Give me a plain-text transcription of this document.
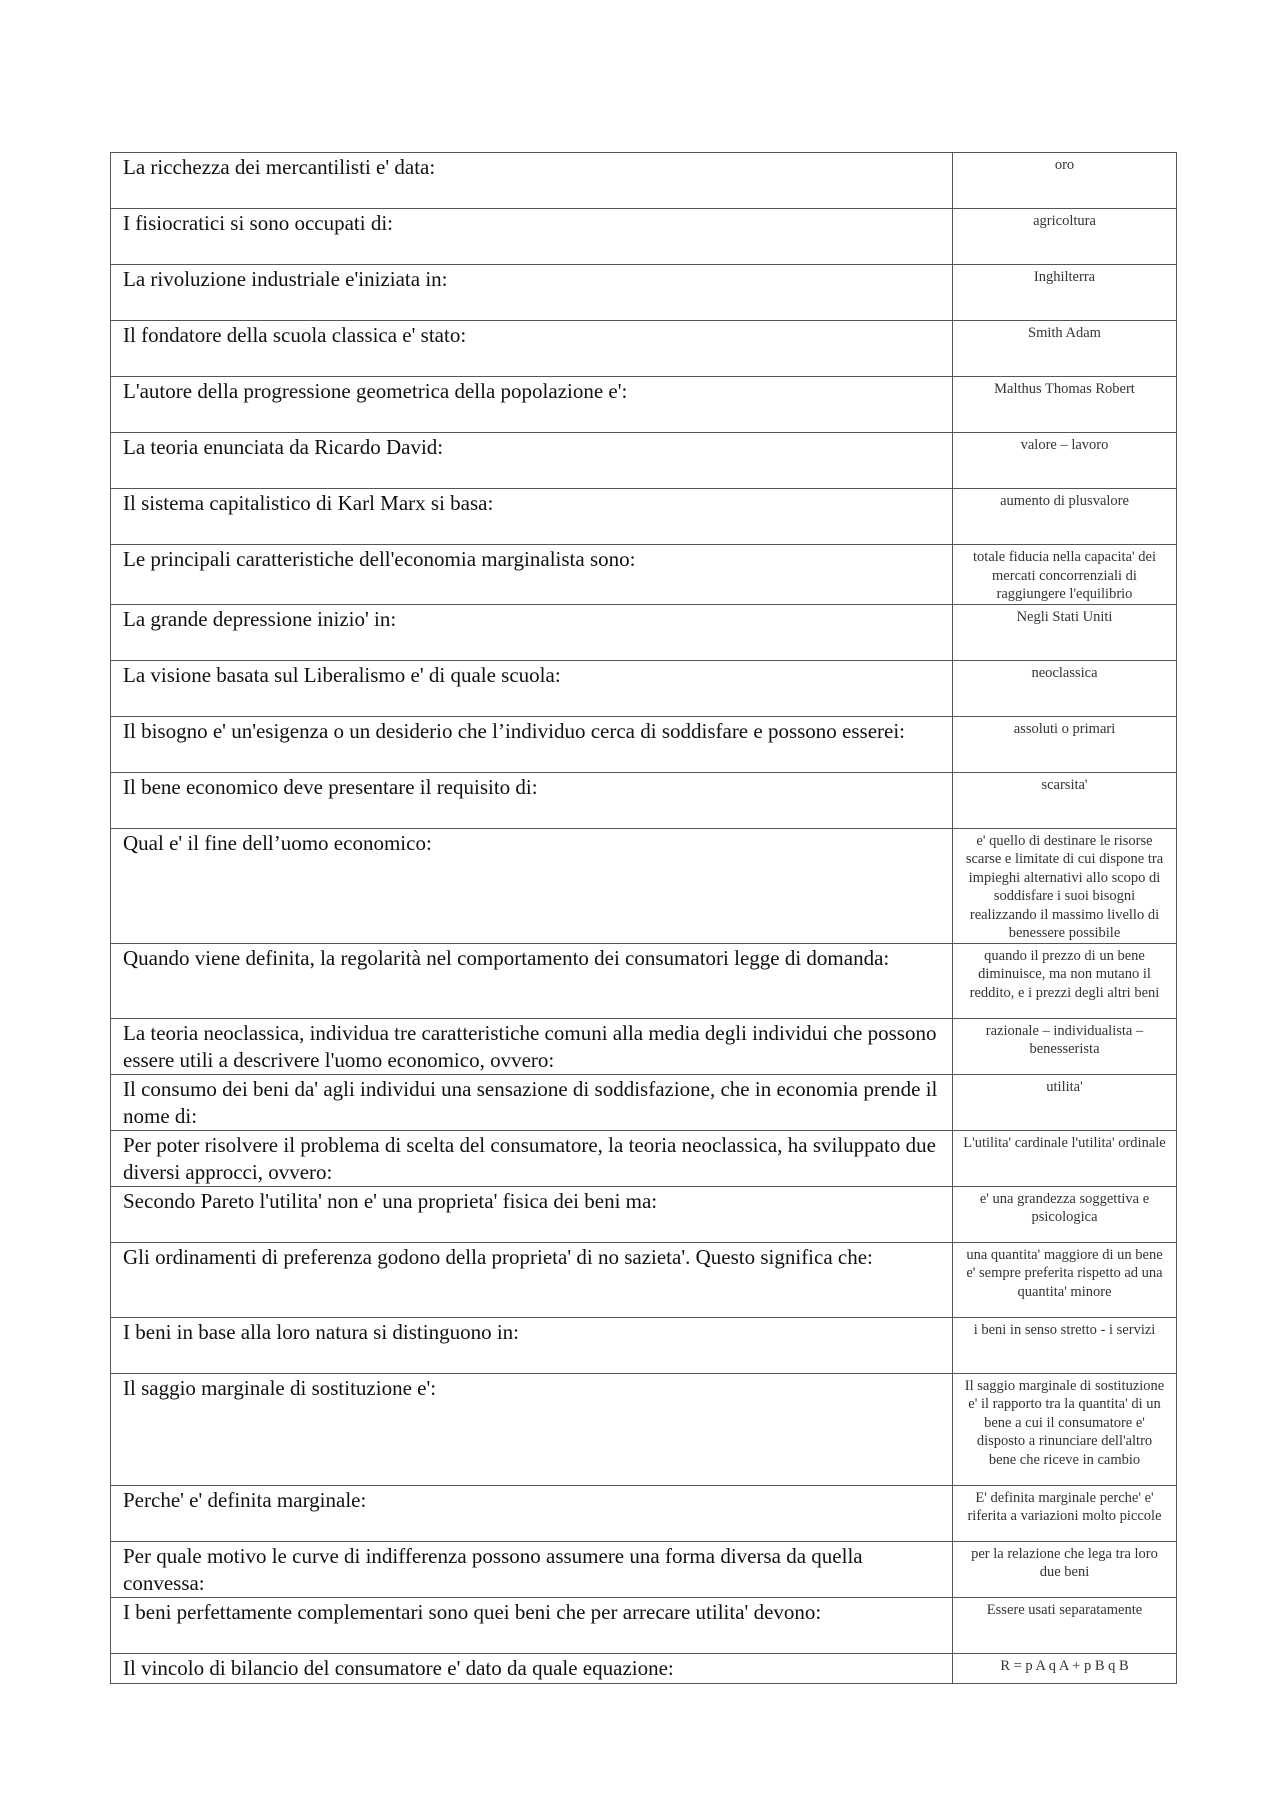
La ricchezza dei mercantilisti e' data:	oro
I fisiocratici si sono occupati di:	agricoltura
La rivoluzione industriale e'iniziata in:	Inghilterra
Il fondatore della scuola classica e' stato:	Smith Adam
L'autore della progressione geometrica della popolazione e':	Malthus Thomas Robert
La teoria enunciata da Ricardo David:	valore – lavoro
Il sistema capitalistico di Karl Marx si basa:	aumento di plusvalore
Le principali caratteristiche dell'economia marginalista sono:	totale fiducia nella capacita' dei mercati concorrenziali di raggiungere l'equilibrio
La grande depressione inizio' in:	Negli Stati Uniti
La visione basata sul Liberalismo e' di quale scuola:	neoclassica
Il bisogno e' un'esigenza o un desiderio che l’individuo cerca di soddisfare e possono esserei:	assoluti o primari
Il bene economico deve presentare il requisito di:	scarsita'
Qual e' il fine dell’uomo economico:	e' quello di destinare le risorse scarse e limitate di cui dispone tra impieghi alternativi allo scopo di soddisfare i suoi bisogni realizzando il massimo livello di benessere possibile
Quando viene definita, la regolarità nel comportamento dei consumatori legge di domanda:	quando il prezzo di un bene diminuisce, ma non mutano il reddito, e i prezzi degli altri beni
La teoria neoclassica, individua tre caratteristiche comuni alla media degli individui che possono essere utili a descrivere l'uomo economico, ovvero:	razionale – individualista – benesserista
Il consumo dei beni da' agli individui una sensazione di soddisfazione, che in economia prende il nome di:	utilita'
Per poter risolvere il problema di scelta del consumatore, la teoria neoclassica, ha sviluppato due diversi approcci, ovvero:	L'utilita' cardinale l'utilita' ordinale
Secondo Pareto l'utilita' non e' una proprieta' fisica dei beni ma:	e' una grandezza soggettiva e psicologica
Gli ordinamenti di preferenza godono della proprieta' di no sazieta'. Questo significa che:	una quantita' maggiore di un bene e' sempre preferita rispetto ad una quantita' minore
I beni in base alla loro natura si distinguono in:	i beni in senso stretto - i servizi
Il saggio marginale di sostituzione e':	Il saggio marginale di sostituzione e' il rapporto tra la quantita' di un bene a cui il consumatore e' disposto a rinunciare dell'altro bene che riceve in cambio
Perche' e' definita marginale:	E' definita marginale perche' e' riferita a variazioni molto piccole
Per quale motivo le curve di indifferenza possono assumere una forma diversa da quella convessa:	per la relazione che lega tra loro due beni
I beni perfettamente complementari sono quei beni che per arrecare utilita' devono:	Essere usati separatamente
Il vincolo di bilancio del consumatore e' dato da quale equazione:	R = p A q A + p B q B
